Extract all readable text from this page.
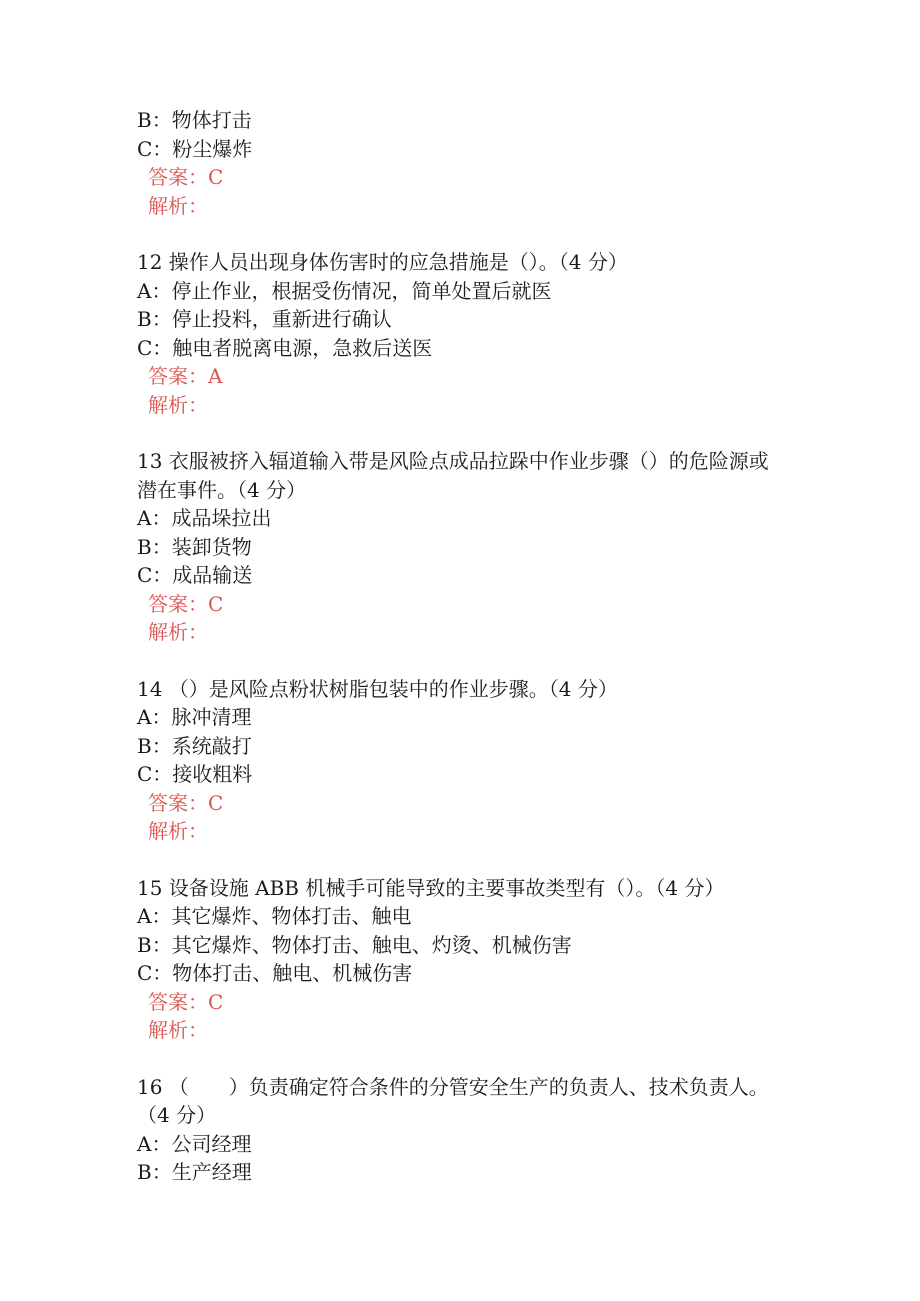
B：物体打击
C：粉尘爆炸
答案：C
解析：
12 操作人员出现身体伤害时的应急措施是（）。（4 分）
A：停止作业，根据受伤情况，简单处置后就医
B：停止投料，重新进行确认
C：触电者脱离电源，急救后送医
答案：A
解析：
13 衣服被挤入辐道输入带是风险点成品拉跺中作业步骤（）的危险源或潜在事件。（4 分）
A：成品垛拉出
B：装卸货物
C：成品输送
答案：C
解析：
14 （）是风险点粉状树脂包装中的作业步骤。（4 分）
A：脉冲清理
B：系统敲打
C：接收粗料
答案：C
解析：
15 设备设施 ABB 机械手可能导致的主要事故类型有（）。（4 分）
A：其它爆炸、物体打击、触电
B：其它爆炸、物体打击、触电、灼烫、机械伤害
C：物体打击、触电、机械伤害
答案：C
解析：
16 （　　）负责确定符合条件的分管安全生产的负责人、技术负责人。（4 分）
A：公司经理
B：生产经理
